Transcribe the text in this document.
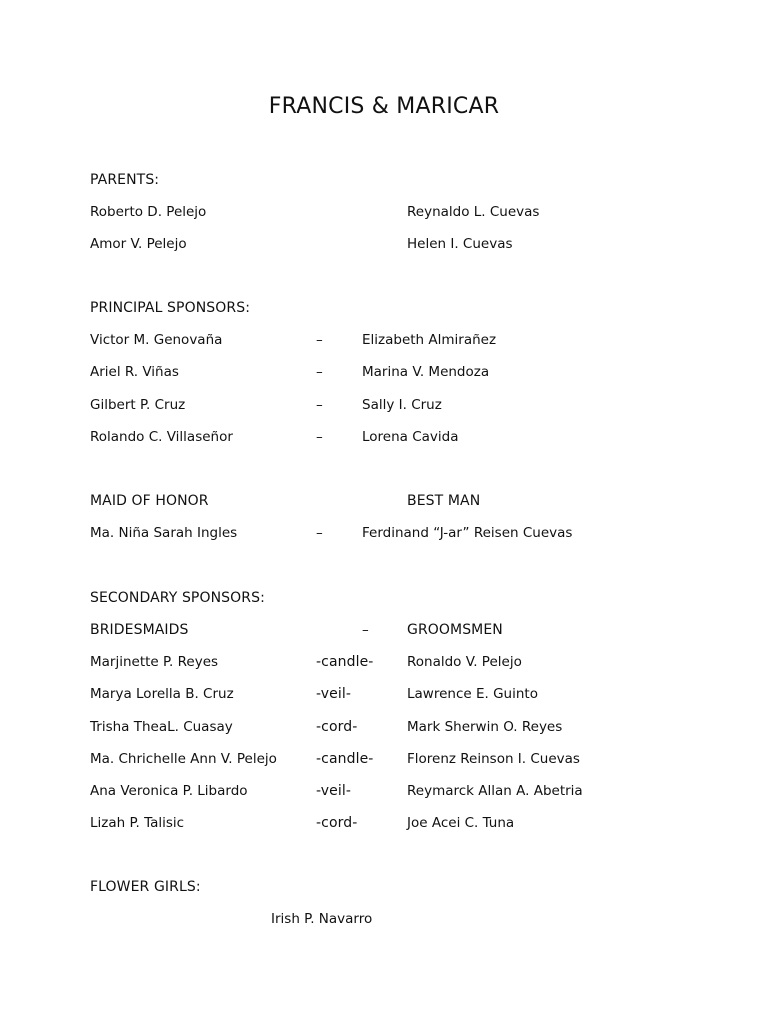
FRANCIS & MARICAR
PARENTS:
Roberto D. Pelejo	Reynaldo L. Cuevas
Amor V. Pelejo	Helen I. Cuevas
PRINCIPAL SPONSORS:
Victor M. Genovaña	–	Elizabeth Almirañez
Ariel R. Viñas	–	Marina V. Mendoza
Gilbert P. Cruz	–	Sally I. Cruz
Rolando C. Villaseñor	–	Lorena Cavida
MAID OF HONOR	BEST MAN
Ma. Niña Sarah Ingles	–	Ferdinand “J-ar” Reisen Cuevas
SECONDARY SPONSORS:
BRIDESMAIDS	–	GROOMSMEN
Marjinette P. Reyes	-candle- Ronaldo V. Pelejo
Marya Lorella B. Cruz	-veil-	Lawrence E. Guinto
Trisha TheaL. Cuasay	-cord-	Mark Sherwin O. Reyes
Ma. Chrichelle Ann V. Pelejo	-candle- Florenz Reinson I. Cuevas
Ana Veronica P. Libardo	-veil-	Reymarck Allan A. Abetria
Lizah P. Talisic	-cord-	Joe Acei C. Tuna
FLOWER GIRLS:
Irish P. Navarro
